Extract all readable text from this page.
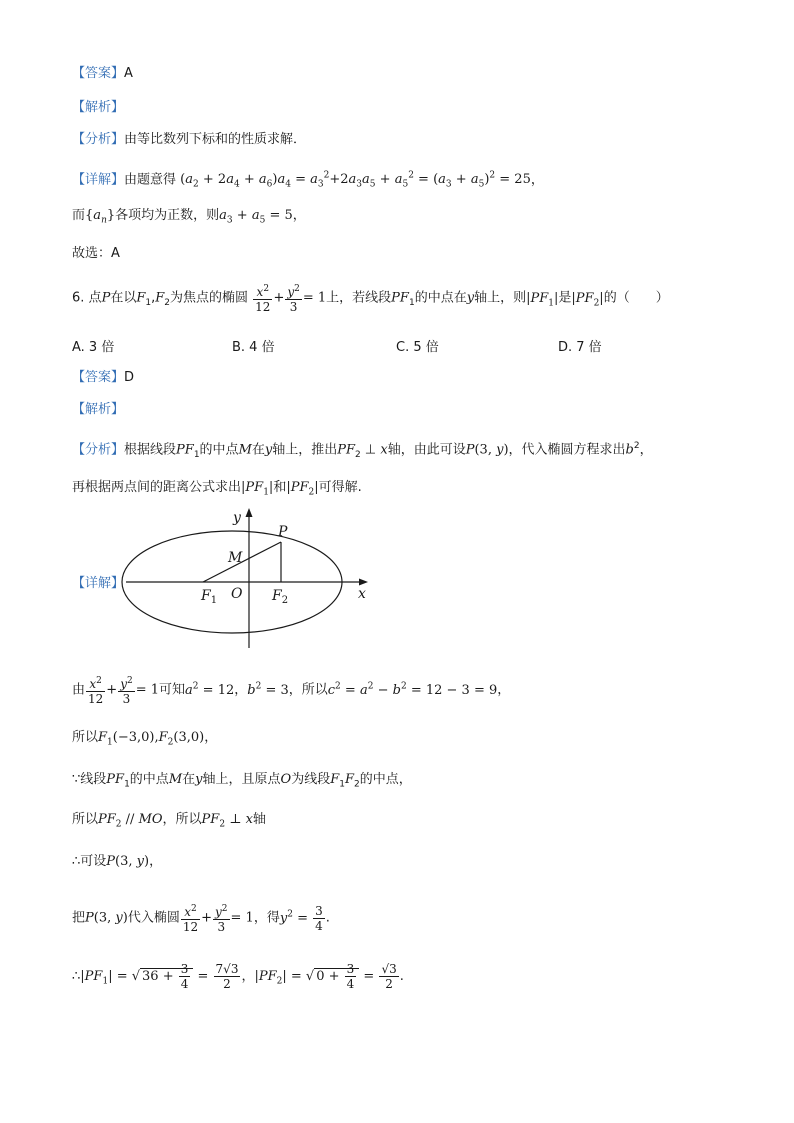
【答案】A
【解析】
【分析】由等比数列下标和的性质求解．
【详解】由题意得 $(a_2 + 2a_4 + a_6)a_4 = a_3^2+2a_3a_5 + a_5^2 = (a_3 + a_5)^2 = 25$，
而$\{a_n\}$各项均为正数，则$a_3 + a_5 = 5$，
故选：A
6. 点P在以$F_1,F_2$为焦点的椭圆 $\frac{x^2}{12} + \frac{y^2}{3} = 1$上，若线段$PF_1$的中点在y轴上，则$|PF_1|$是$|PF_2|$的（　　）
A. 3 倍	B. 4 倍	C. 5 倍	D. 7 倍
【答案】D
【解析】
【分析】根据线段$PF_1$的中点M在y轴上，推出$PF_2$ ⊥ x轴，由此可设P(3, y)，代入椭圆方程求出$b^2$，
再根据两点间的距离公式求出$|PF_1|$和$|PF_2|$可得解.
【详解】
y
x
P
M
O
$F_1$	$F_2$
由 $\frac{x^2}{12} + \frac{y^2}{3} = 1$可知$a^2 = 12$，$b^2 = 3$，所以$c^2 = a^2 - b^2 = 12 - 3 = 9$，
所以$F_1(-3,0),F_2(3,0)$，
∵线段$PF_1$的中点M在y轴上，且原点O为线段$F_1F_2$的中点，
所以$PF_2$ // MO，所以$PF_2$ ⊥ x轴
∴可设P(3, y)，
把P(3, y)代入椭圆 $\frac{x^2}{12} + \frac{y^2}{3} = 1$，得$y^2 = \frac{3}{4}$ .
$\therefore|PF_1|$ = √ $36 + \frac{3}{4} = \frac{7√3}{2}$ ，$|PF_2|$ = √ $0 + \frac{3}{4} = \frac{√3}{2}$ .
